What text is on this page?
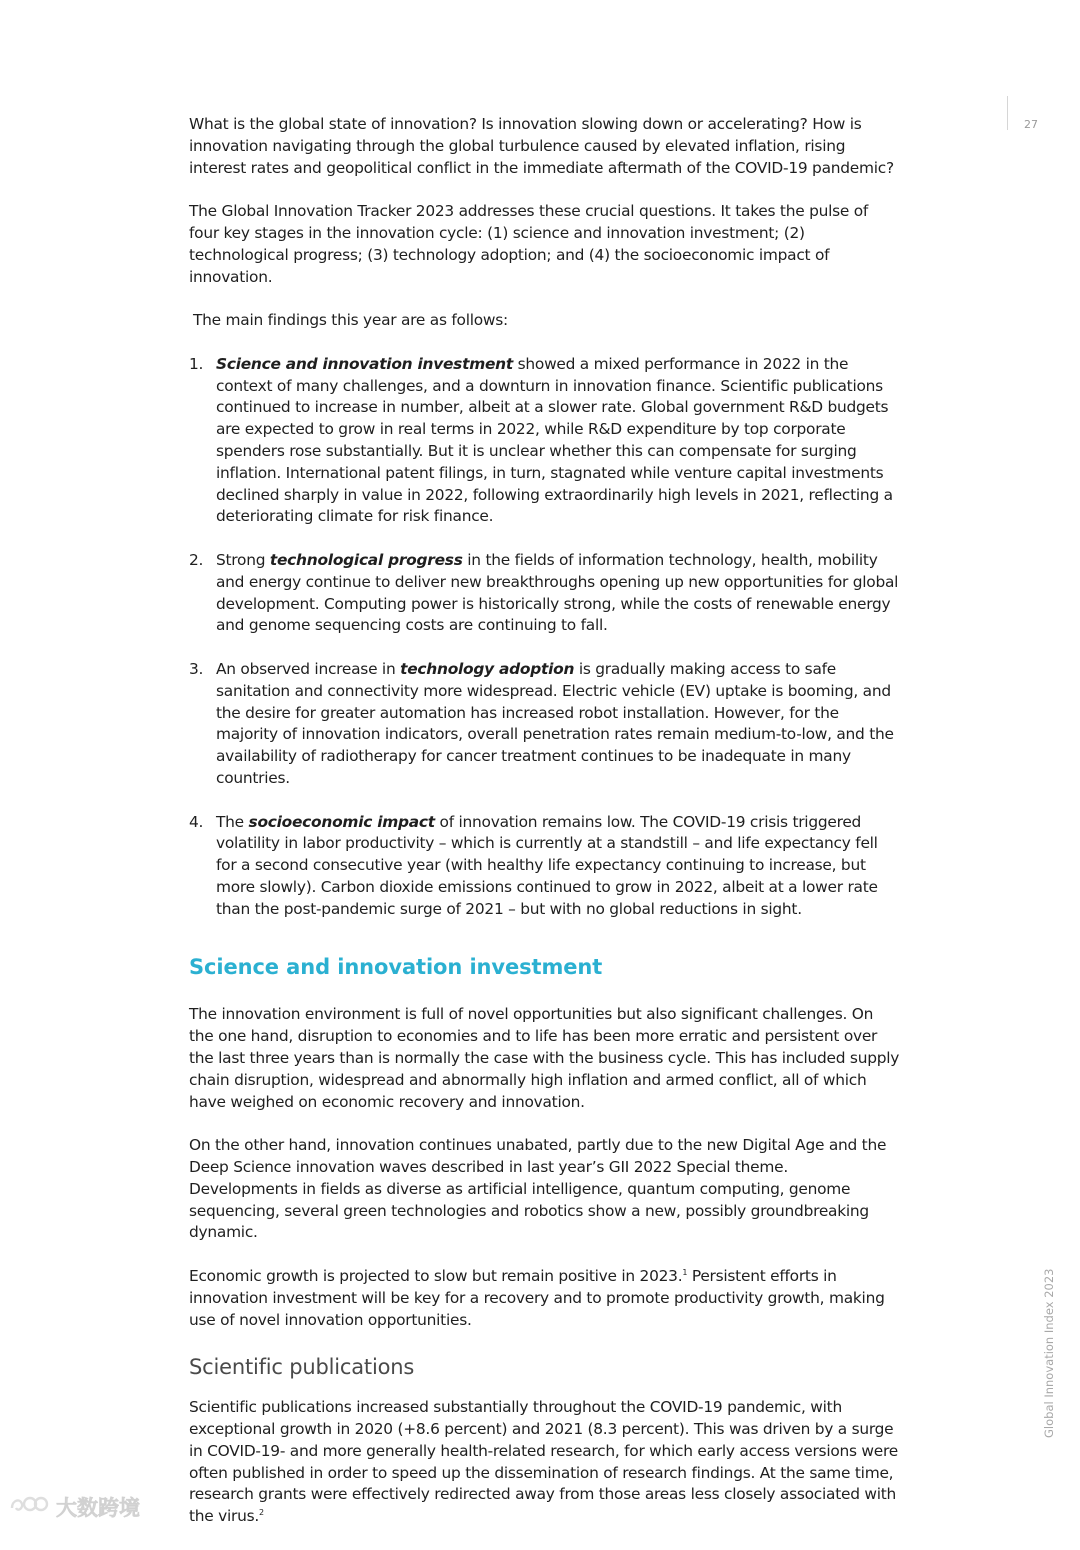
27
Global Innovation Index 2023

What is the global state of innovation? Is innovation slowing down or accelerating? How is innovation navigating through the global turbulence caused by elevated inflation, rising interest rates and geopolitical conflict in the immediate aftermath of the COVID-19 pandemic?

The Global Innovation Tracker 2023 addresses these crucial questions. It takes the pulse of four key stages in the innovation cycle: (1) science and innovation investment; (2) technological progress; (3) technology adoption; and (4) the socioeconomic impact of innovation.

The main findings this year are as follows:

1. Science and innovation investment showed a mixed performance in 2022 in the context of many challenges, and a downturn in innovation finance. Scientific publications continued to increase in number, albeit at a slower rate. Global government R&D budgets are expected to grow in real terms in 2022, while R&D expenditure by top corporate spenders rose substantially. But it is unclear whether this can compensate for surging inflation. International patent filings, in turn, stagnated while venture capital investments declined sharply in value in 2022, following extraordinarily high levels in 2021, reflecting a deteriorating climate for risk finance.
2. Strong technological progress in the fields of information technology, health, mobility and energy continue to deliver new breakthroughs opening up new opportunities for global development. Computing power is historically strong, while the costs of renewable energy and genome sequencing costs are continuing to fall.
3. An observed increase in technology adoption is gradually making access to safe sanitation and connectivity more widespread. Electric vehicle (EV) uptake is booming, and the desire for greater automation has increased robot installation. However, for the majority of innovation indicators, overall penetration rates remain medium-to-low, and the availability of radiotherapy for cancer treatment continues to be inadequate in many countries.
4. The socioeconomic impact of innovation remains low. The COVID-19 crisis triggered volatility in labor productivity – which is currently at a standstill – and life expectancy fell for a second consecutive year (with healthy life expectancy continuing to increase, but more slowly). Carbon dioxide emissions continued to grow in 2022, albeit at a lower rate than the post-pandemic surge of 2021 – but with no global reductions in sight.
Science and innovation investment

The innovation environment is full of novel opportunities but also significant challenges. On the one hand, disruption to economies and to life has been more erratic and persistent over the last three years than is normally the case with the business cycle. This has included supply chain disruption, widespread and abnormally high inflation and armed conflict, all of which have weighed on economic recovery and innovation.

On the other hand, innovation continues unabated, partly due to the new Digital Age and the Deep Science innovation waves described in last year’s GII 2022 Special theme. Developments in fields as diverse as artificial intelligence, quantum computing, genome sequencing, several green technologies and robotics show a new, possibly groundbreaking dynamic.

Economic growth is projected to slow but remain positive in 2023.$^1$ Persistent efforts in innovation investment will be key for a recovery and to promote productivity growth, making use of novel innovation opportunities.

Scientific publications

Scientific publications increased substantially throughout the COVID-19 pandemic, with exceptional growth in 2020 (+8.6 percent) and 2021 (8.3 percent). This was driven by a surge in COVID-19- and more generally health-related research, for which early access versions were often published in order to speed up the dissemination of research findings. At the same time, research grants were effectively redirected away from those areas less closely associated with the virus.$^2$

大数跨境
